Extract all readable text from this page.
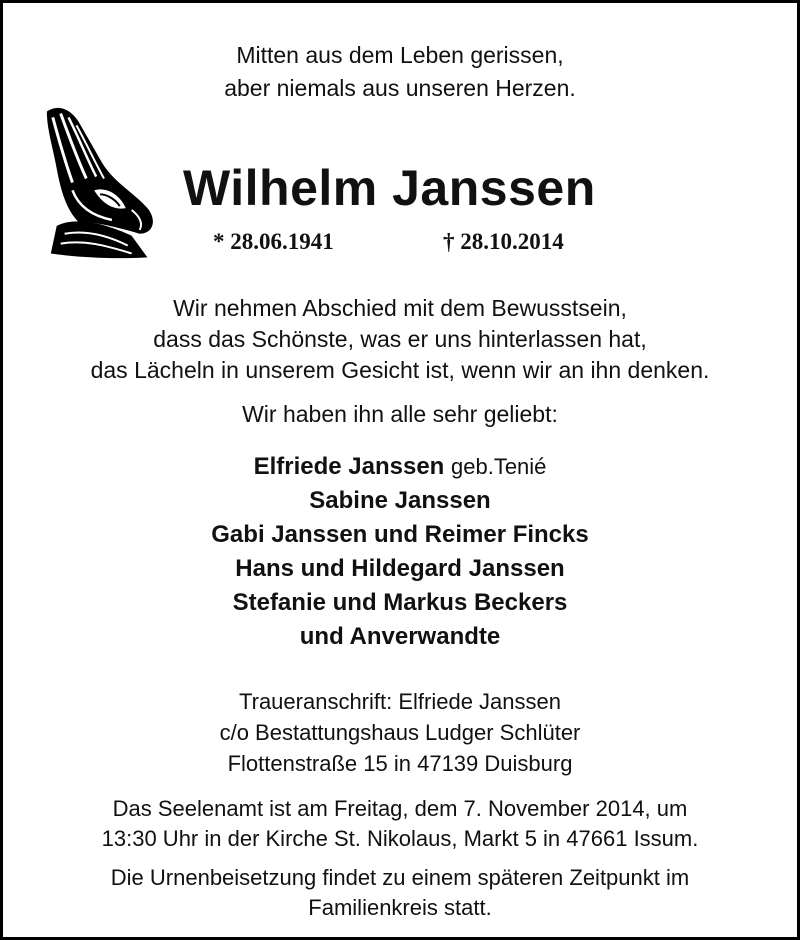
Mitten aus dem Leben gerissen,
aber niemals aus unseren Herzen.
Wilhelm Janssen
* 28.06.1941	† 28.10.2014
Wir nehmen Abschied mit dem Bewusstsein,
dass das Schönste, was er uns hinterlassen hat,
das Lächeln in unserem Gesicht ist, wenn wir an ihn denken.
Wir haben ihn alle sehr geliebt:
Elfriede Janssen geb.Tenié
Sabine Janssen
Gabi Janssen und Reimer Fincks
Hans und Hildegard Janssen
Stefanie und Markus Beckers
und Anverwandte
Traueranschrift: Elfriede Janssen
c/o Bestattungshaus Ludger Schlüter
Flottenstraße 15 in 47139 Duisburg
Das Seelenamt ist am Freitag, dem 7. November 2014, um
13:30 Uhr in der Kirche St. Nikolaus, Markt 5 in 47661 Issum.
Die Urnenbeisetzung findet zu einem späteren Zeitpunkt im
Familienkreis statt.
